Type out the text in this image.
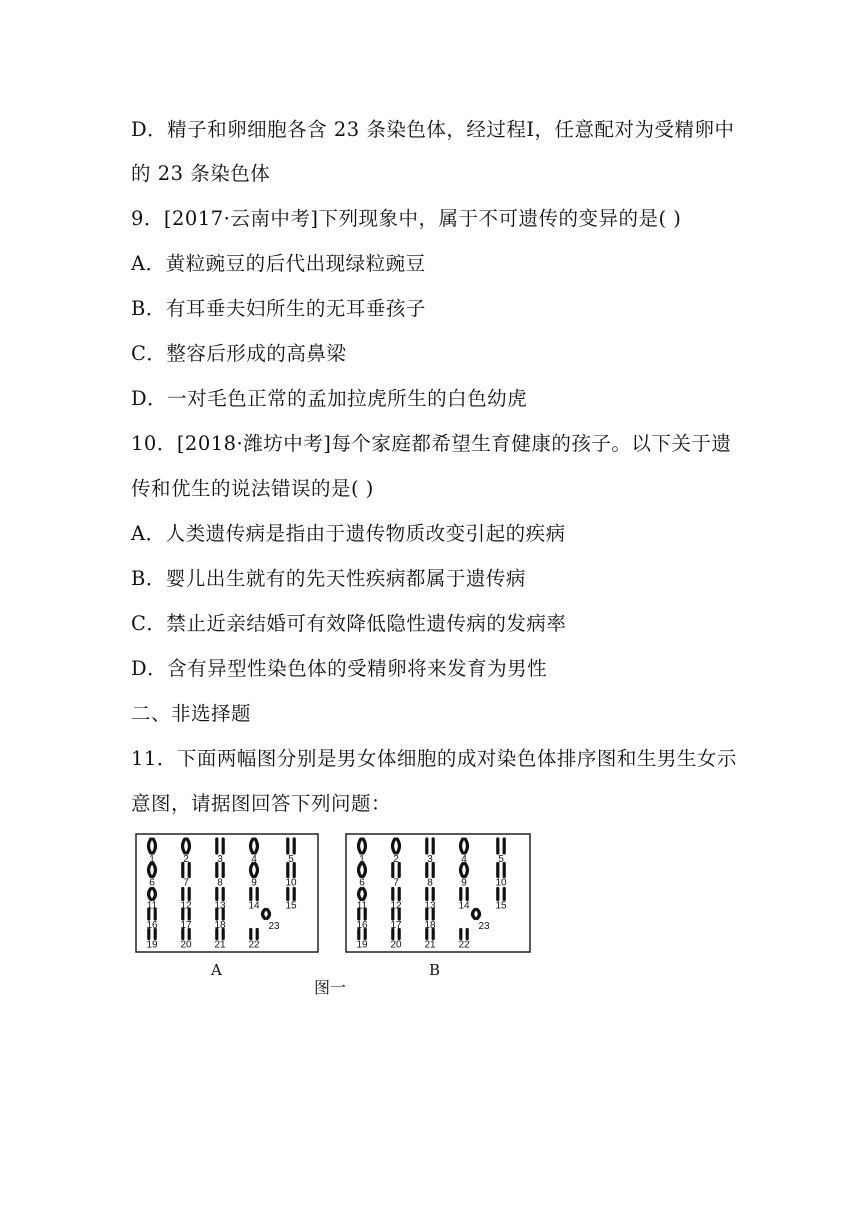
D．精子和卵细胞各含 23 条染色体，经过程Ⅰ，任意配对为受精卵中
的 23 条染色体
9．[2017·云南中考]下列现象中，属于不可遗传的变异的是( )
A．黄粒豌豆的后代出现绿粒豌豆
B．有耳垂夫妇所生的无耳垂孩子
C．整容后形成的高鼻梁
D．一对毛色正常的孟加拉虎所生的白色幼虎
10．[2018·潍坊中考]每个家庭都希望生育健康的孩子。以下关于遗
传和优生的说法错误的是( )
A．人类遗传病是指由于遗传物质改变引起的疾病
B．婴儿出生就有的先天性疾病都属于遗传病
C．禁止近亲结婚可有效降低隐性遗传病的发病率
D．含有异型性染色体的受精卵将来发育为男性
二、非选择题
11．下面两幅图分别是男女体细胞的成对染色体排序图和生男生女示
意图，请据图回答下列问题：
1	2	3	4	5
6	7	8	9	10
11 12 13 14	15
16 17 18
19 20 21 22
23
1	2	3	4	5
6	7	8	9	10
11 12 13 14	15
16 17 18
19 20 21 22
23
A	B
图一
